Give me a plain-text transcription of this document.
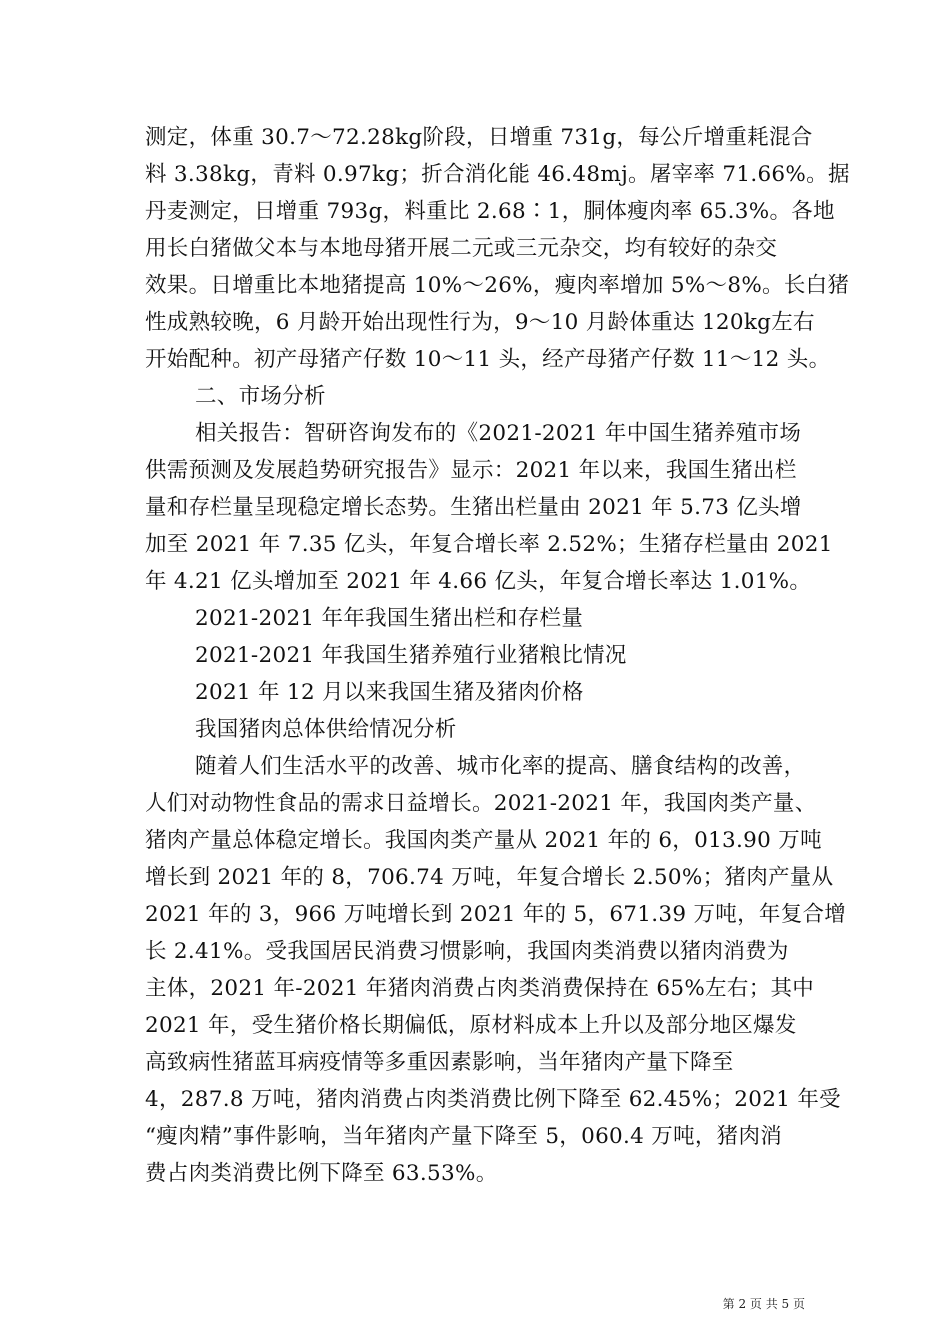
测定，体重 30.7～72.28kg阶段，日增重 731g，每公斤增重耗混合
料 3.38kg，青料 0.97kg；折合消化能 46.48mj。屠宰率 71.66%。据
丹麦测定，日增重 793g，料重比 2.68∶1，胴体瘦肉率 65.3%。各地
用长白猪做父本与本地母猪开展二元或三元杂交，均有较好的杂交
效果。日增重比本地猪提高 10%～26%，瘦肉率增加 5%～8%。长白猪
性成熟较晚，6 月龄开始出现性行为，9～10 月龄体重达 120kg左右
开始配种。初产母猪产仔数 10～11 头，经产母猪产仔数 11～12 头。
二、市场分析
相关报告：智研咨询发布的《2021-2021 年中国生猪养殖市场
供需预测及发展趋势研究报告》显示：2021 年以来，我国生猪出栏
量和存栏量呈现稳定增长态势。生猪出栏量由 2021 年 5.73 亿头增
加至 2021 年 7.35 亿头，年复合增长率 2.52%；生猪存栏量由 2021
年 4.21 亿头增加至 2021 年 4.66 亿头，年复合增长率达 1.01%。
2021-2021 年年我国生猪出栏和存栏量
2021-2021 年我国生猪养殖行业猪粮比情况
2021 年 12 月以来我国生猪及猪肉价格
我国猪肉总体供给情况分析
随着人们生活水平的改善、城市化率的提高、膳食结构的改善，
人们对动物性食品的需求日益增长。2021-2021 年，我国肉类产量、
猪肉产量总体稳定增长。我国肉类产量从 2021 年的 6，013.90 万吨
增长到 2021 年的 8，706.74 万吨，年复合增长 2.50%；猪肉产量从
2021 年的 3，966 万吨增长到 2021 年的 5，671.39 万吨，年复合增
长 2.41%。受我国居民消费习惯影响，我国肉类消费以猪肉消费为
主体，2021 年-2021 年猪肉消费占肉类消费保持在 65%左右；其中
2021 年，受生猪价格长期偏低，原材料成本上升以及部分地区爆发
高致病性猪蓝耳病疫情等多重因素影响，当年猪肉产量下降至
4，287.8 万吨，猪肉消费占肉类消费比例下降至 62.45%；2021 年受
“瘦肉精”事件影响，当年猪肉产量下降至 5，060.4 万吨，猪肉消
费占肉类消费比例下降至 63.53%。
第 2 页 共 5 页
